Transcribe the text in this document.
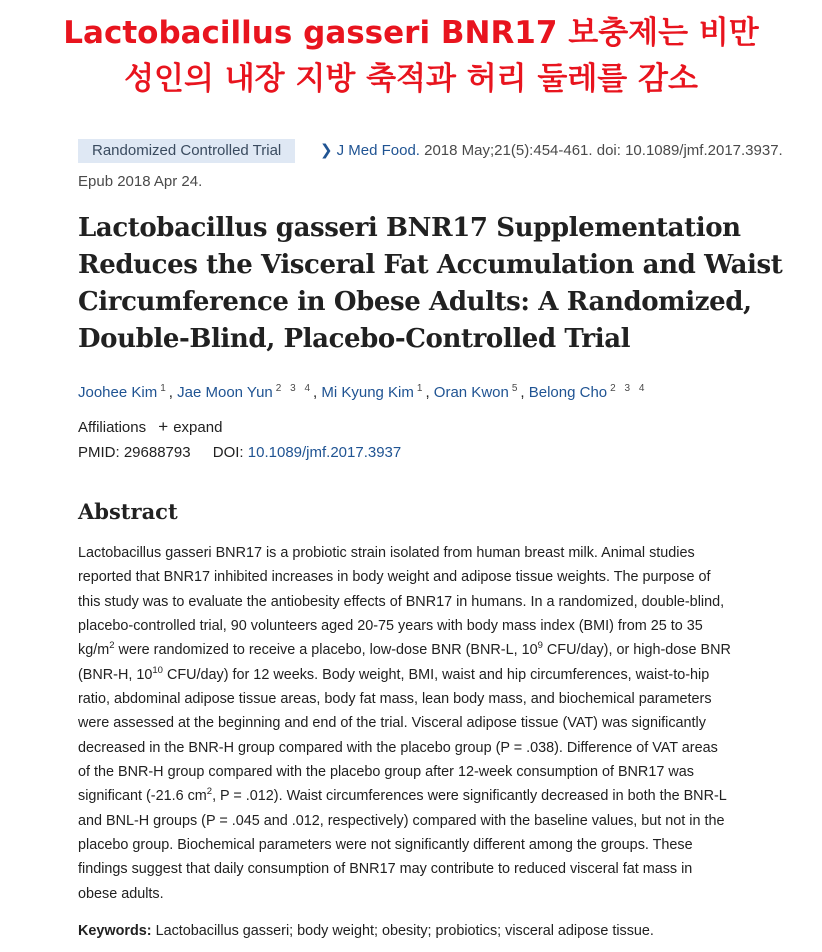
Lactobacillus gasseri BNR17 보충제는 비만
성인의 내장 지방 축적과 허리 둘레를 감소
Randomized Controlled Trial	❯ J Med Food. 2018 May;21(5):454-461. doi: 10.1089/jmf.2017.3937.
Epub 2018 Apr 24.
Lactobacillus gasseri BNR17 Supplementation Reduces the Visceral Fat Accumulation and Waist Circumference in Obese Adults: A Randomized, Double-Blind, Placebo-Controlled Trial
Joohee Kim $^1$, Jae Moon Yun $^{2 3 4}$, Mi Kyung Kim $^1$, Oran Kwon $^5$, Belong Cho $^{2 3 4}$
Affiliations + expand
PMID: 29688793 DOI: 10.1089/jmf.2017.3937
Abstract
Lactobacillus gasseri BNR17 is a probiotic strain isolated from human breast milk. Animal studies
reported that BNR17 inhibited increases in body weight and adipose tissue weights. The purpose of
this study was to evaluate the antiobesity effects of BNR17 in humans. In a randomized, double-blind,
placebo-controlled trial, 90 volunteers aged 20-75 years with body mass index (BMI) from 25 to 35
$kg/m^2$ were randomized to receive a placebo, low-dose BNR (BNR-L, $10^9$ CFU/day), or high-dose BNR
(BNR-H, $10^{10}$ CFU/day) for 12 weeks. Body weight, BMI, waist and hip circumferences, waist-to-hip
ratio, abdominal adipose tissue areas, body fat mass, lean body mass, and biochemical parameters
were assessed at the beginning and end of the trial. Visceral adipose tissue (VAT) was significantly
decreased in the BNR-H group compared with the placebo group (P = .038). Difference of VAT areas
of the BNR-H group compared with the placebo group after 12-week consumption of BNR17 was
significant (-21.6 $cm^2$, P = .012). Waist circumferences were significantly decreased in both the BNR-L
and BNL-H groups (P = .045 and .012, respectively) compared with the baseline values, but not in the
placebo group. Biochemical parameters were not significantly different among the groups. These
findings suggest that daily consumption of BNR17 may contribute to reduced visceral fat mass in
obese adults.
Keywords: Lactobacillus gasseri; body weight; obesity; probiotics; visceral adipose tissue.
